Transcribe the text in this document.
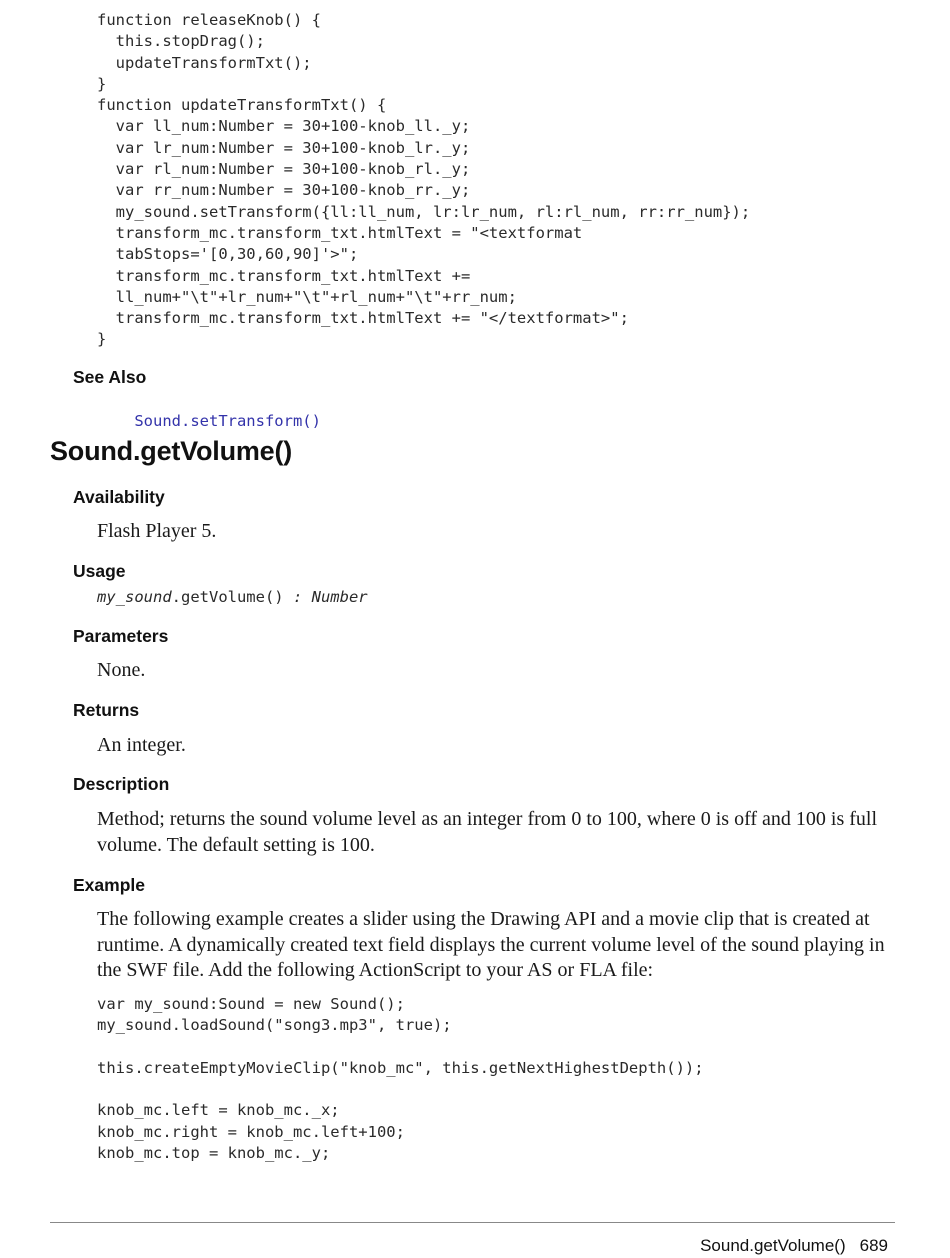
function releaseKnob() {
this.stopDrag();
updateTransformTxt();
}
function updateTransformTxt() {
var ll_num:Number = 30+100-knob_ll._y;
var lr_num:Number = 30+100-knob_lr._y;
var rl_num:Number = 30+100-knob_rl._y;
var rr_num:Number = 30+100-knob_rr._y;
my_sound.setTransform({ll:ll_num, lr:lr_num, rl:rl_num, rr:rr_num});
transform_mc.transform_txt.htmlText = "<textformat
tabStops='[0,30,60,90]'>";
transform_mc.transform_txt.htmlText +=
ll_num+"\t"+lr_num+"\t"+rl_num+"\t"+rr_num;
transform_mc.transform_txt.htmlText += "</textformat>";
}

See Also

Sound.setTransform()

Sound.getVolume()

Availability

Flash Player 5.

Usage

my_sound.getVolume() : Number

Parameters

None.

Returns

An integer.

Description

Method; returns the sound volume level as an integer from 0 to 100, where 0 is off and 100 is full
volume. The default setting is 100.

Example

The following example creates a slider using the Drawing API and a movie clip that is created at
runtime. A dynamically created text field displays the current volume level of the sound playing in
the SWF file. Add the following ActionScript to your AS or FLA file:

var my_sound:Sound = new Sound();
my_sound.loadSound("song3.mp3", true);

this.createEmptyMovieClip("knob_mc", this.getNextHighestDepth());

knob_mc.left = knob_mc._x;
knob_mc.right = knob_mc.left+100;
knob_mc.top = knob_mc._y;

Sound.getVolume() 689
